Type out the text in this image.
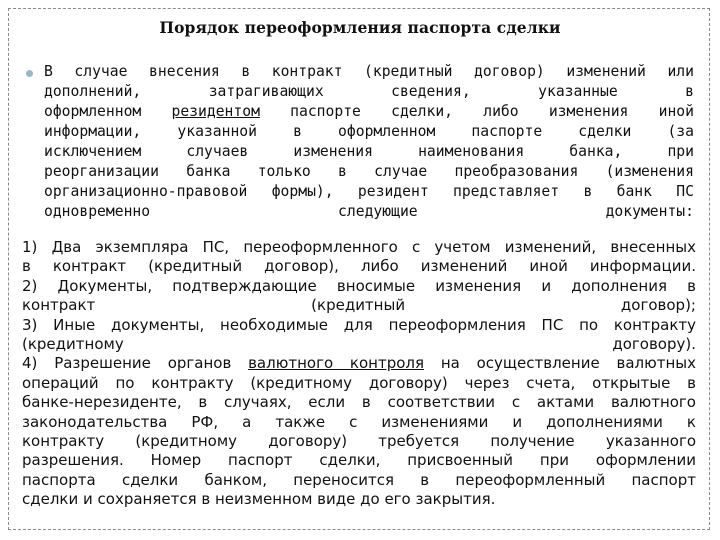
Порядок переоформления паспорта сделки
В случае внесения в контракт (кредитный договор) изменений или
дополнений, затрагивающих сведения, указанные в
оформленном резидентом паспорте сделки, либо изменения иной
информации, указанной в оформленном паспорте сделки (за
исключением случаев изменения наименования банка, при
реорганизации банка только в случае преобразования (изменения
организационно-правовой формы), резидент представляет в банк ПС
одновременно следующие документы:
1) Два экземпляра ПС, переоформленного с учетом изменений, внесенных
в контракт (кредитный договор), либо изменений иной информации.
2) Документы, подтверждающие вносимые изменения и дополнения в
контракт (кредитный договор);
3) Иные документы, необходимые для переоформления ПС по контракту
(кредитному договору).
4) Разрешение органов валютного контроля на осуществление валютных
операций по контракту (кредитному договору) через счета, открытые в
банке-нерезиденте, в случаях, если в соответствии с актами валютного
законодательства РФ, а также с изменениями и дополнениями к
контракту (кредитному договору) требуется получение указанного
разрешения. Номер паспорт сделки, присвоенный при оформлении
паспорта сделки банком, переносится в переоформленный паспорт
сделки и сохраняется в неизменном виде до его закрытия.
